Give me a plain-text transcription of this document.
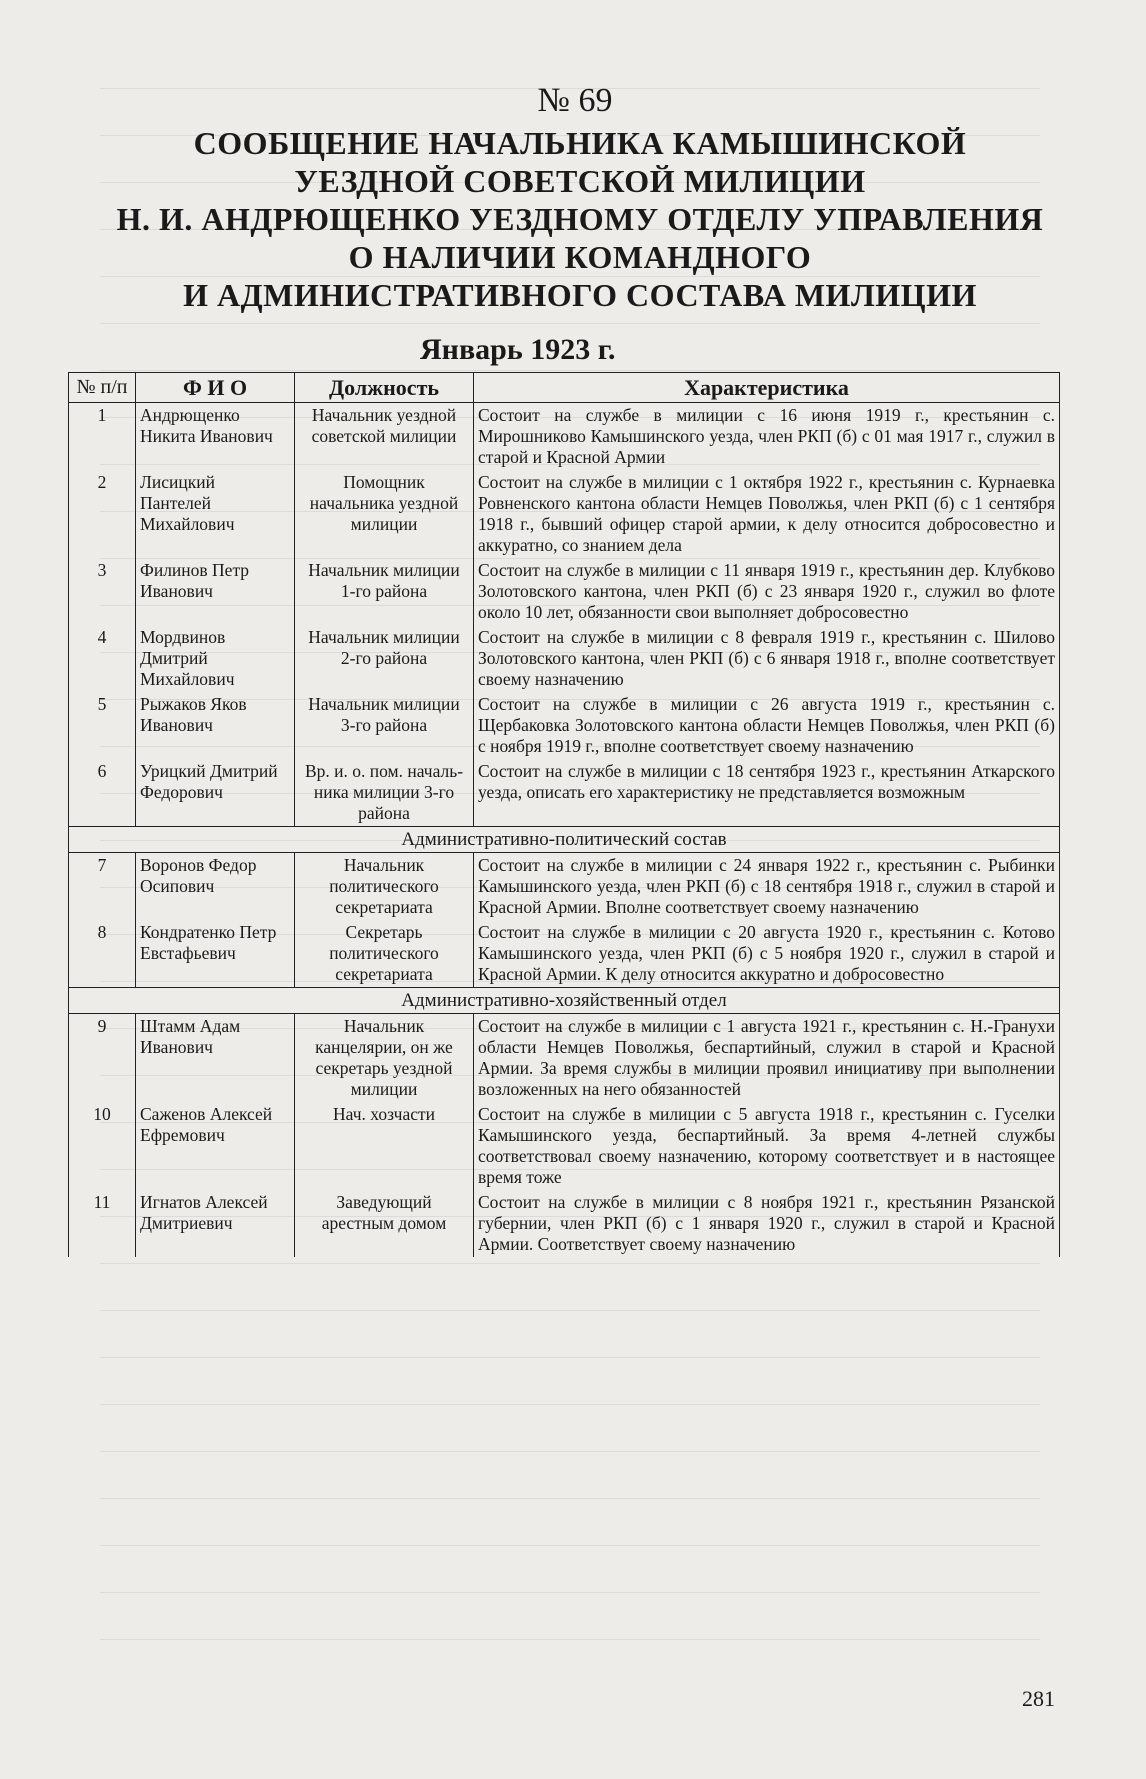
№ 69
СООБЩЕНИЕ НАЧАЛЬНИКА КАМЫШИНСКОЙ
УЕЗДНОЙ СОВЕТСКОЙ МИЛИЦИИ
Н. И. АНДРЮЩЕНКО УЕЗДНОМУ ОТДЕЛУ УПРАВЛЕНИЯ
О НАЛИЧИИ КОМАНДНОГО
И АДМИНИСТРАТИВНОГО СОСТАВА МИЛИЦИИ
Январь 1923 г.
№ п/п	Ф И О	Должность	Характеристика
1	Андрющенко Никита Иванович	Начальник уездной советской милиции	Состоит на службе в милиции с 16 июня 1919 г., крестьянин с. Мирошниково Камышинского уезда, член РКП (б) с 01 мая 1917 г., служил в старой и Красной Армии
2	Лисицкий Пантелей Михайлович	Помощник начальника уездной милиции	Состоит на службе в милиции с 1 октября 1922 г., крестьянин с. Курнаевка Ровненского кантона области Немцев Поволжья, член РКП (б) с 1 сентября 1918 г., бывший офицер старой армии, к делу относится добросовестно и аккуратно, со знанием дела
3	Филинов Петр Иванович	Начальник милиции 1-го района	Состоит на службе в милиции с 11 января 1919 г., крестьянин дер. Клубково Золотовского кантона, член РКП (б) с 23 января 1920 г., служил во флоте около 10 лет, обязанности свои выполняет добросовестно
4	Мордвинов Дмитрий Михайлович	Начальник милиции 2-го района	Состоит на службе в милиции с 8 февраля 1919 г., крестьянин с. Шилово Золотовского кантона, член РКП (б) с 6 января 1918 г., вполне соответствует своему назначению
5	Рыжаков Яков Иванович	Начальник милиции 3-го района	Состоит на службе в милиции с 26 августа 1919 г., крестьянин с. Щербаковка Золотовского кантона области Немцев Поволжья, член РКП (б) с ноября 1919 г., вполне соответствует своему назначению
6	Урицкий Дмитрий Федорович	Вр. и. о. пом. началь-ника милиции 3-го района	Состоит на службе в милиции с 18 сентября 1923 г., крестьянин Аткарского уезда, описать его характеристику не представляется возможным
Административно-политический состав			
7	Воронов Федор Осипович	Начальник политического секретариата	Состоит на службе в милиции с 24 января 1922 г., крестьянин с. Рыбинки Камышинского уезда, член РКП (б) с 18 сентября 1918 г., служил в старой и Красной Армии. Вполне соответствует своему назначению
8	Кондратенко Петр Евстафьевич	Секретарь политического секретариата	Состоит на службе в милиции с 20 августа 1920 г., крестьянин с. Котово Камышинского уезда, член РКП (б) с 5 ноября 1920 г., служил в старой и Красной Армии. К делу относится аккуратно и добросовестно
Административно-хозяйственный отдел			
9	Штамм Адам Иванович	Начальник канцелярии, он же секретарь уездной милиции	Состоит на службе в милиции с 1 августа 1921 г., крестьянин с. Н.-Гранухи области Немцев Поволжья, беспартийный, служил в старой и Красной Армии. За время службы в милиции проявил инициативу при выполнении возложенных на него обязанностей
10	Саженов Алексей Ефремович	Нач. хозчасти	Состоит на службе в милиции с 5 августа 1918 г., крестьянин с. Гуселки Камышинского уезда, беспартийный. За время 4-летней службы соответствовал своему назначению, которому соответствует и в настоящее время тоже
11	Игнатов Алексей Дмитриевич	Заведующий арестным домом	Состоит на службе в милиции с 8 ноября 1921 г., крестьянин Рязанской губернии, член РКП (б) с 1 января 1920 г., служил в старой и Красной Армии. Соответствует своему назначению
281
